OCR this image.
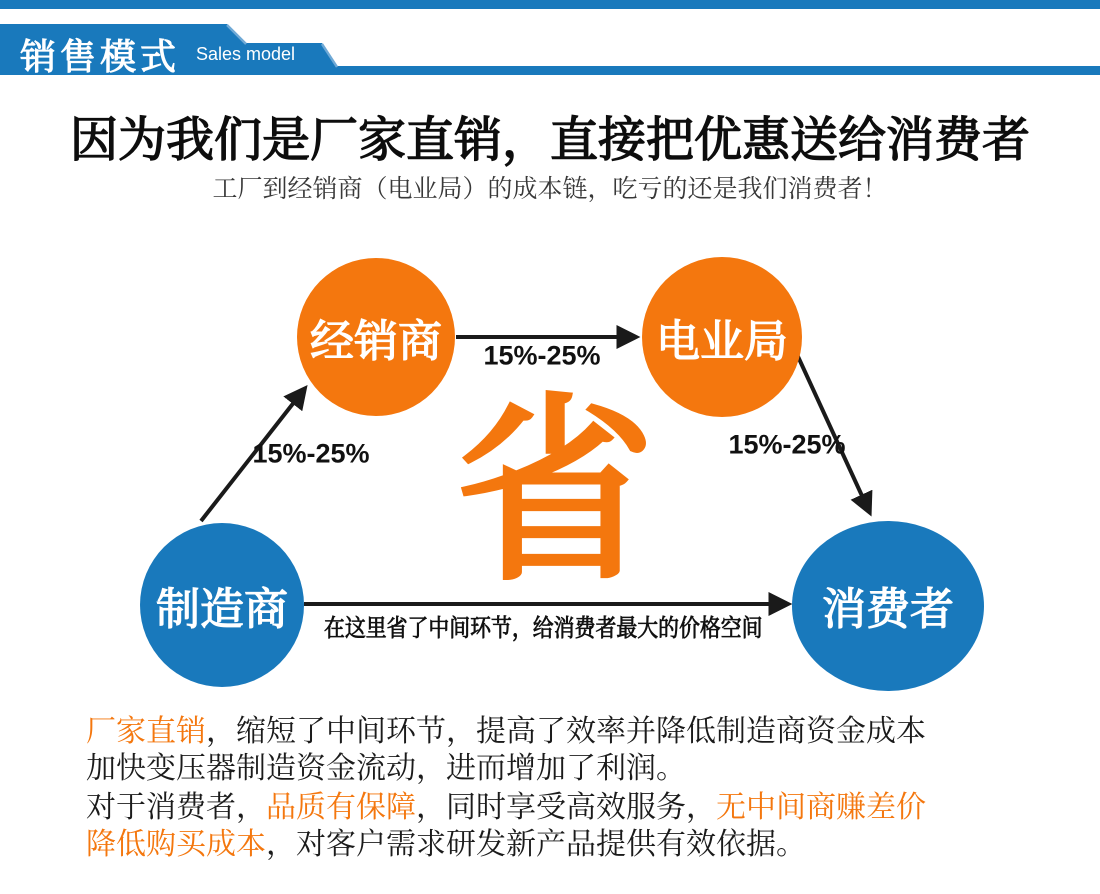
销售模式 Sales model
因为我们是厂家直销，直接把优惠送给消费者
工厂到经销商（电业局）的成本链，吃亏的还是我们消费者！
经销商	电业局
制造商	消费者
15%-25%
15%-25%	15%-25%
省
在这里省了中间环节，给消费者最大的价格空间
厂家直销，缩短了中间环节，提高了效率并降低制造商资金成本
加快变压器制造资金流动，进而增加了利润。
对于消费者，品质有保障，同时享受高效服务，无中间商赚差价
降低购买成本，对客户需求研发新产品提供有效依据。
